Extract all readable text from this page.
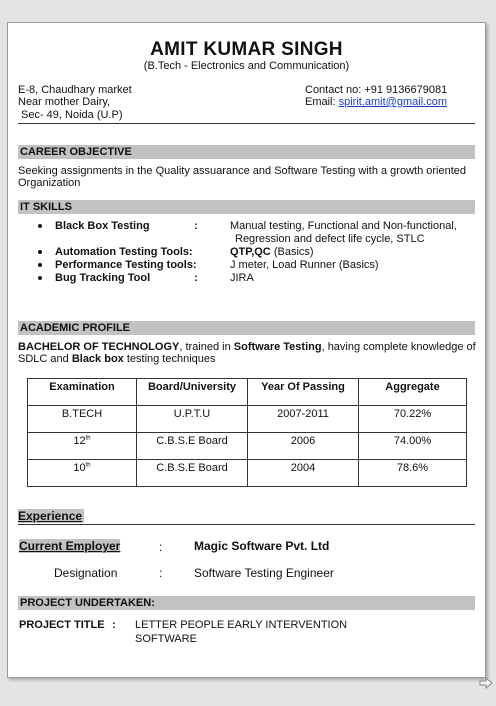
AMIT KUMAR SINGH
(B.Tech - Electronics and Communication)
E-8, Chaudhary market
Near mother Dairy,
Sec- 49, Noida (U.P)
Contact no: +91 9136679081
Email: spirit.amit@gmail.com
CAREER OBJECTIVE
Seeking assignments in the Quality assuarance and Software Testing with a growth oriented
Organization
IT SKILLS
Black Box Testing	:	Manual testing, Functional and Non-functional,
Regression and defect life cycle, STLC
Automation Testing Tools:	QTP,QC (Basics)
Performance Testing tools:	J meter, Load Runner (Basics)
Bug Tracking Tool	:	JIRA
ACADEMIC PROFILE
BACHELOR OF TECHNOLOGY, trained in Software Testing, having complete knowledge of
SDLC and Black box testing techniques
Examination	Board/University	Year Of Passing	Aggregate
B.TECH	U.P.T.U	2007-2011	70.22%
12th	C.B.S.E Board	2006	74.00%
10th	C.B.S.E Board	2004	78.6%
Experience
Current Employer	:	Magic Software Pvt. Ltd
Designation	:	Software Testing Engineer
PROJECT UNDERTAKEN:
PROJECT TITLE : LETTER PEOPLE EARLY INTERVENTION
SOFTWARE
